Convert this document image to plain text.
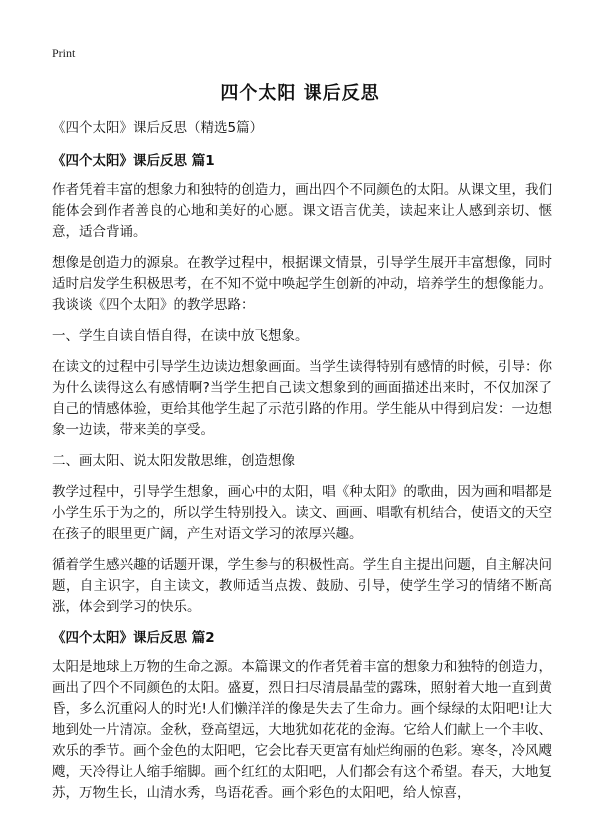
Print
四个太阳 课后反思

《四个太阳》课后反思（精选5篇）

《四个太阳》课后反思 篇1

作者凭着丰富的想象力和独特的创造力，画出四个不同颜色的太阳。从课文里，我们能体会到作者善良的心地和美好的心愿。课文语言优美，读起来让人感到亲切、惬意，适合背诵。

想像是创造力的源泉。在教学过程中，根据课文情景，引导学生展开丰富想像，同时适时启发学生积极思考，在不知不觉中唤起学生创新的冲动，培养学生的想像能力。我谈谈《四个太阳》的教学思路：

一、学生自读自悟自得，在读中放飞想象。

在读文的过程中引导学生边读边想象画面。当学生读得特别有感情的时候，引导：你为什么读得这么有感情啊?当学生把自己读文想象到的画面描述出来时，不仅加深了自己的情感体验，更给其他学生起了示范引路的作用。学生能从中得到启发：一边想象一边读，带来美的享受。

二、画太阳、说太阳发散思维，创造想像

教学过程中，引导学生想象，画心中的太阳，唱《种太阳》的歌曲，因为画和唱都是小学生乐于为之的，所以学生特别投入。读文、画画、唱歌有机结合，使语文的天空在孩子的眼里更广阔，产生对语文学习的浓厚兴趣。

循着学生感兴趣的话题开课，学生参与的积极性高。学生自主提出问题，自主解决问题，自主识字，自主读文，教师适当点拨、鼓励、引导，使学生学习的情绪不断高涨，体会到学习的快乐。

《四个太阳》课后反思 篇2

太阳是地球上万物的生命之源。本篇课文的作者凭着丰富的想象力和独特的创造力，画出了四个不同颜色的太阳。盛夏，烈日扫尽清晨晶莹的露珠，照射着大地一直到黄昏，多么沉重闷人的时光!人们懒洋洋的像是失去了生命力。画个绿绿的太阳吧!让大地到处一片清凉。金秋，登高望远，大地犹如花花的金海。它给人们献上一个丰收、欢乐的季节。画个金色的太阳吧，它会比春天更富有灿烂绚丽的色彩。寒冬，冷风飕飕，天冷得让人缩手缩脚。画个红红的太阳吧，人们都会有这个希望。春天，大地复苏，万物生长，山清水秀，鸟语花香。画个彩色的太阳吧，给人惊喜，
